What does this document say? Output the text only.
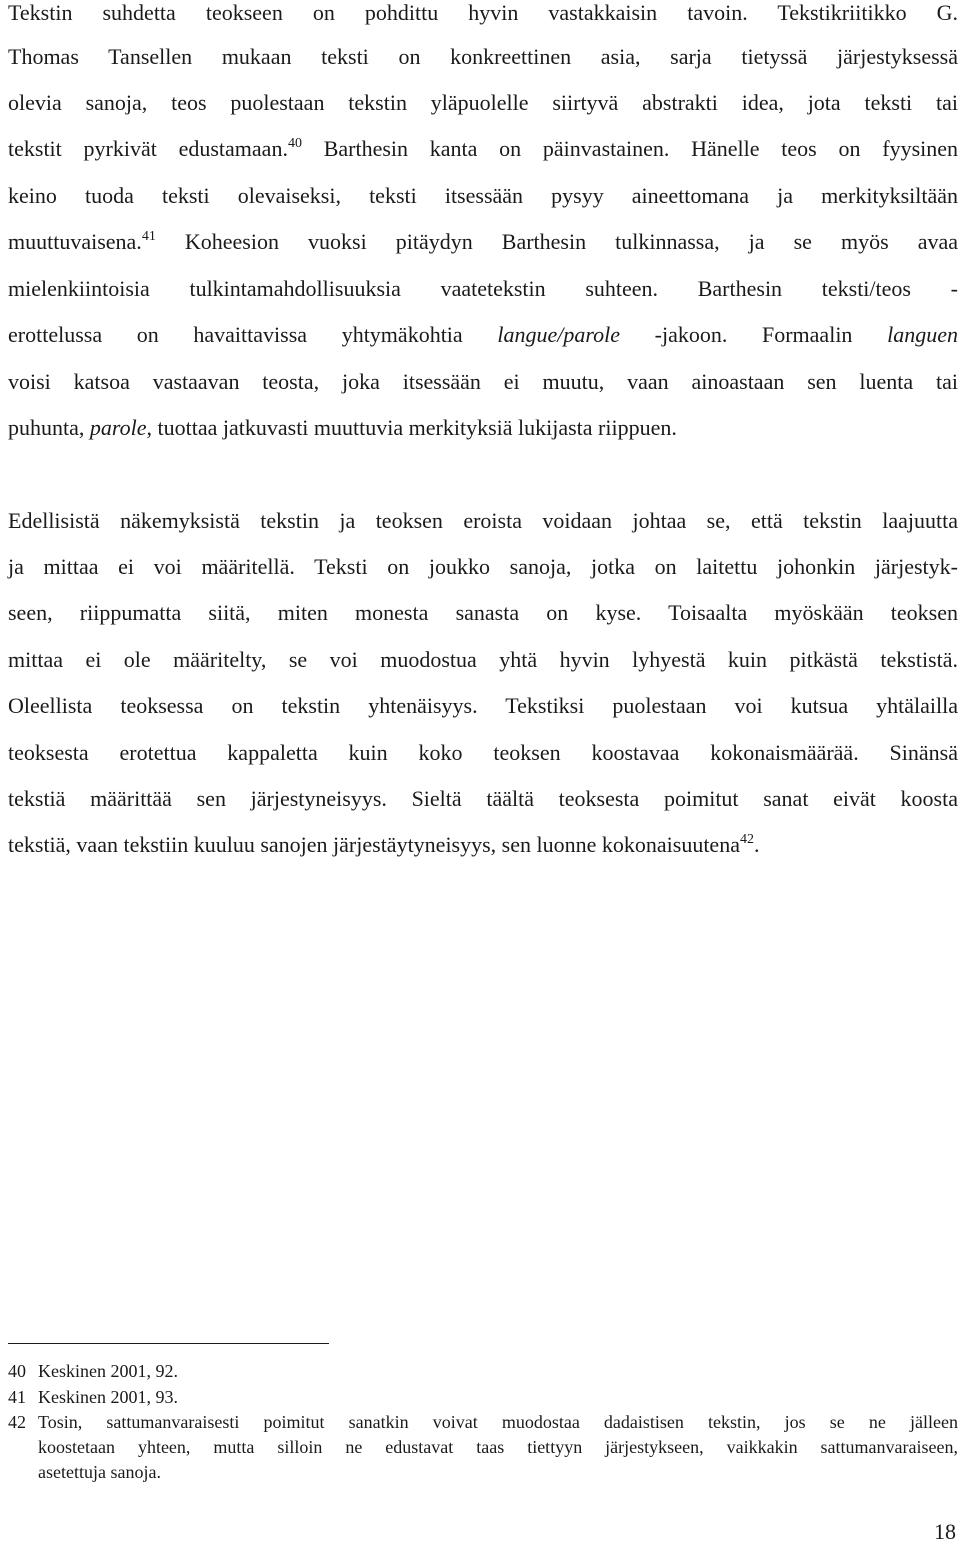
Tekstin suhdetta teokseen on pohdittu hyvin vastakkaisin tavoin. Tekstikriitikko G.
Thomas Tansellen mukaan teksti on konkreettinen asia, sarja tietyssä järjestyksessä
olevia sanoja, teos puolestaan tekstin yläpuolelle siirtyvä abstrakti idea, jota teksti tai
tekstit pyrkivät edustamaan.$^{40}$ Barthesin kanta on päinvastainen. Hänelle teos on fyysinen
keino tuoda teksti olevaiseksi, teksti itsessään pysyy aineettomana ja merkityksiltään
muuttuvaisena.$^{41}$ Koheesion vuoksi pitäydyn Barthesin tulkinnassa, ja se myös avaa
mielenkiintoisia tulkintamahdollisuuksia vaatetekstin suhteen. Barthesin teksti/teos -
erottelussa on havaittavissa yhtymäkohtia langue/parole -jakoon. Formaalin languen
voisi katsoa vastaavan teosta, joka itsessään ei muutu, vaan ainoastaan sen luenta tai
puhunta, parole, tuottaa jatkuvasti muuttuvia merkityksiä lukijasta riippuen.
Edellisistä näkemyksistä tekstin ja teoksen eroista voidaan johtaa se, että tekstin laajuutta
ja mittaa ei voi määritellä. Teksti on joukko sanoja, jotka on laitettu johonkin järjestyk-
seen, riippumatta siitä, miten monesta sanasta on kyse. Toisaalta myöskään teoksen
mittaa ei ole määritelty, se voi muodostua yhtä hyvin lyhyestä kuin pitkästä tekstistä.
Oleellista teoksessa on tekstin yhtenäisyys. Tekstiksi puolestaan voi kutsua yhtälailla
teoksesta erotettua kappaletta kuin koko teoksen koostavaa kokonaismäärää. Sinänsä
tekstiä määrittää sen järjestyneisyys. Sieltä täältä teoksesta poimitut sanat eivät koosta
tekstiä, vaan tekstiin kuuluu sanojen järjestäytyneisyys, sen luonne kokonaisuutena$^{42}$.
40 Keskinen 2001, 92.
41 Keskinen 2001, 93.
42 Tosin, sattumanvaraisesti poimitut sanatkin voivat muodostaa dadaistisen tekstin, jos se ne jälleen
koostetaan yhteen, mutta silloin ne edustavat taas tiettyyn järjestykseen, vaikkakin sattumanvaraiseen,
asetettuja sanoja.
18
